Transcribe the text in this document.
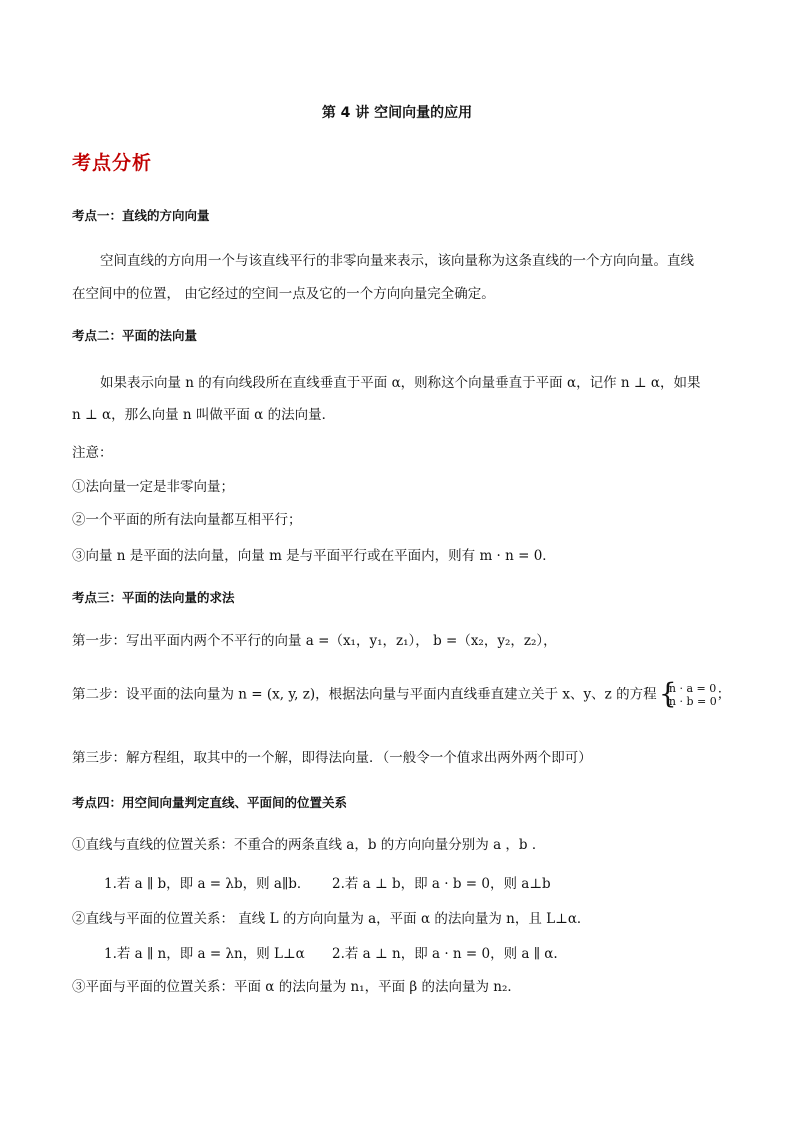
第 4 讲 空间向量的应用
考点分析
考点一：直线的方向向量
空间直线的方向用一个与该直线平行的非零向量来表示，该向量称为这条直线的一个方向向量。直线
在空间中的位置， 由它经过的空间一点及它的一个方向向量完全确定。
考点二：平面的法向量
如果表示向量 n 的有向线段所在直线垂直于平面 α，则称这个向量垂直于平面 α，记作 n ⊥ α，如果
n ⊥ α，那么向量 n 叫做平面 α 的法向量．
注意：
①法向量一定是非零向量；
②一个平面的所有法向量都互相平行；
③向量 n 是平面的法向量，向量 m 是与平面平行或在平面内，则有 m · n = 0．
考点三：平面的法向量的求法
第一步：写出平面内两个不平行的向量 a =（x₁，y₁，z₁）， b =（x₂，y₂，z₂），
第二步：设平面的法向量为 n = (x, y, z)，根据法向量与平面内直线垂直建立关于 x、y、z 的方程
{ n · a = 0
n · b = 0 ；
第三步：解方程组，取其中的一个解，即得法向量．（一般令一个值求出两外两个即可）
考点四：用空间向量判定直线、平面间的位置关系
①直线与直线的位置关系：不重合的两条直线 a，b 的方向向量分别为 a ，b ．
1.若 a ∥ b，即 a = λb，则 a∥b． 2.若 a ⊥ b，即 a · b = 0，则 a⊥b
②直线与平面的位置关系： 直线 L 的方向向量为 a，平面 α 的法向量为 n，且 L⊥α．
1.若 a ∥ n，即 a = λn，则 L⊥α 2.若 a ⊥ n，即 a · n = 0，则 a ∥ α.
③平面与平面的位置关系：平面 α 的法向量为 n₁，平面 β 的法向量为 n₂．
